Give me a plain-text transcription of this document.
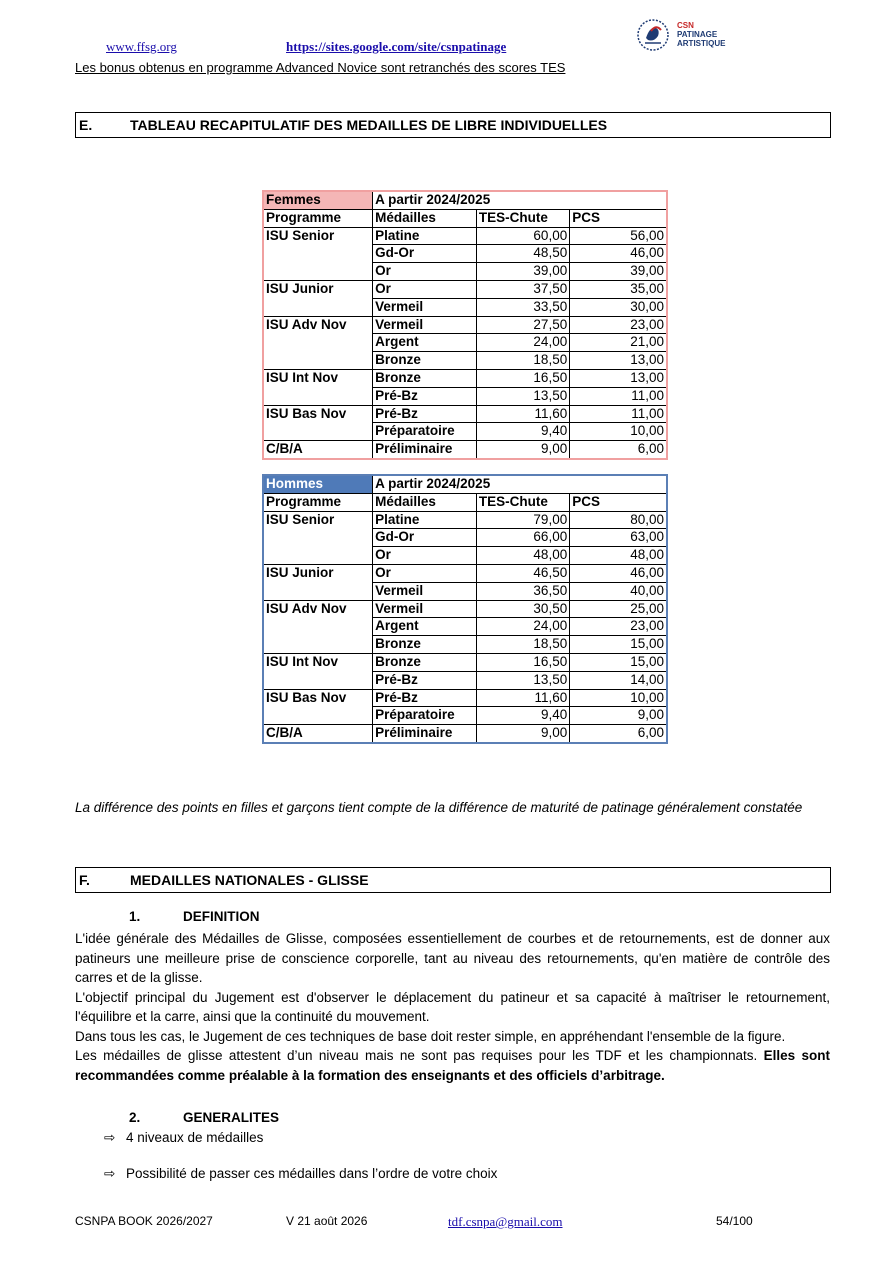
www.ffsg.org	https://sites.google.com/site/csnpatinage
Les bonus obtenus en programme Advanced Novice sont retranchés des scores TES
CSN
PATINAGE
ARTISTIQUE
E.	TABLEAU RECAPITULATIF DES MEDAILLES DE LIBRE INDIVIDUELLES
Femmes	A partir 2024/2025		
Programme	Médailles	TES-Chute	PCS
ISU Senior	Platine	60,00	56,00
	Gd-Or	48,50	46,00
	Or	39,00	39,00
ISU Junior	Or	37,50	35,00
	Vermeil	33,50	30,00
ISU Adv Nov	Vermeil	27,50	23,00
	Argent	24,00	21,00
	Bronze	18,50	13,00
ISU Int Nov	Bronze	16,50	13,00
	Pré-Bz	13,50	11,00
ISU Bas Nov	Pré-Bz	11,60	11,00
	Préparatoire	9,40	10,00
C/B/A	Préliminaire	9,00	6,00
Hommes	A partir 2024/2025		
Programme	Médailles	TES-Chute	PCS
ISU Senior	Platine	79,00	80,00
	Gd-Or	66,00	63,00
	Or	48,00	48,00
ISU Junior	Or	46,50	46,00
	Vermeil	36,50	40,00
ISU Adv Nov	Vermeil	30,50	25,00
	Argent	24,00	23,00
	Bronze	18,50	15,00
ISU Int Nov	Bronze	16,50	15,00
	Pré-Bz	13,50	14,00
ISU Bas Nov	Pré-Bz	11,60	10,00
	Préparatoire	9,40	9,00
C/B/A	Préliminaire	9,00	6,00
La différence des points en filles et garçons tient compte de la différence de maturité de patinage généralement constatée
F.	MEDAILLES NATIONALES - GLISSE
1.	DEFINITION
L'idée générale des Médailles de Glisse, composées essentiellement de courbes et de retournements, est de donner aux patineurs une meilleure prise de conscience corporelle, tant au niveau des retournements, qu'en matière de contrôle des carres et de la glisse.
L'objectif principal du Jugement est d'observer le déplacement du patineur et sa capacité à maîtriser le retournement, l'équilibre et la carre, ainsi que la continuité du mouvement.
Dans tous les cas, le Jugement de ces techniques de base doit rester simple, en appréhendant l'ensemble de la figure.
Les médailles de glisse attestent d’un niveau mais ne sont pas requises pour les TDF et les championnats. Elles sont recommandées comme préalable à la formation des enseignants et des officiels d’arbitrage.
2.	GENERALITES
⇨ 4 niveaux de médailles
⇨ Possibilité de passer ces médailles dans l’ordre de votre choix
CSNPA BOOK 2026/2027	V 21 août 2026	tdf.csnpa@gmail.com	54/100
